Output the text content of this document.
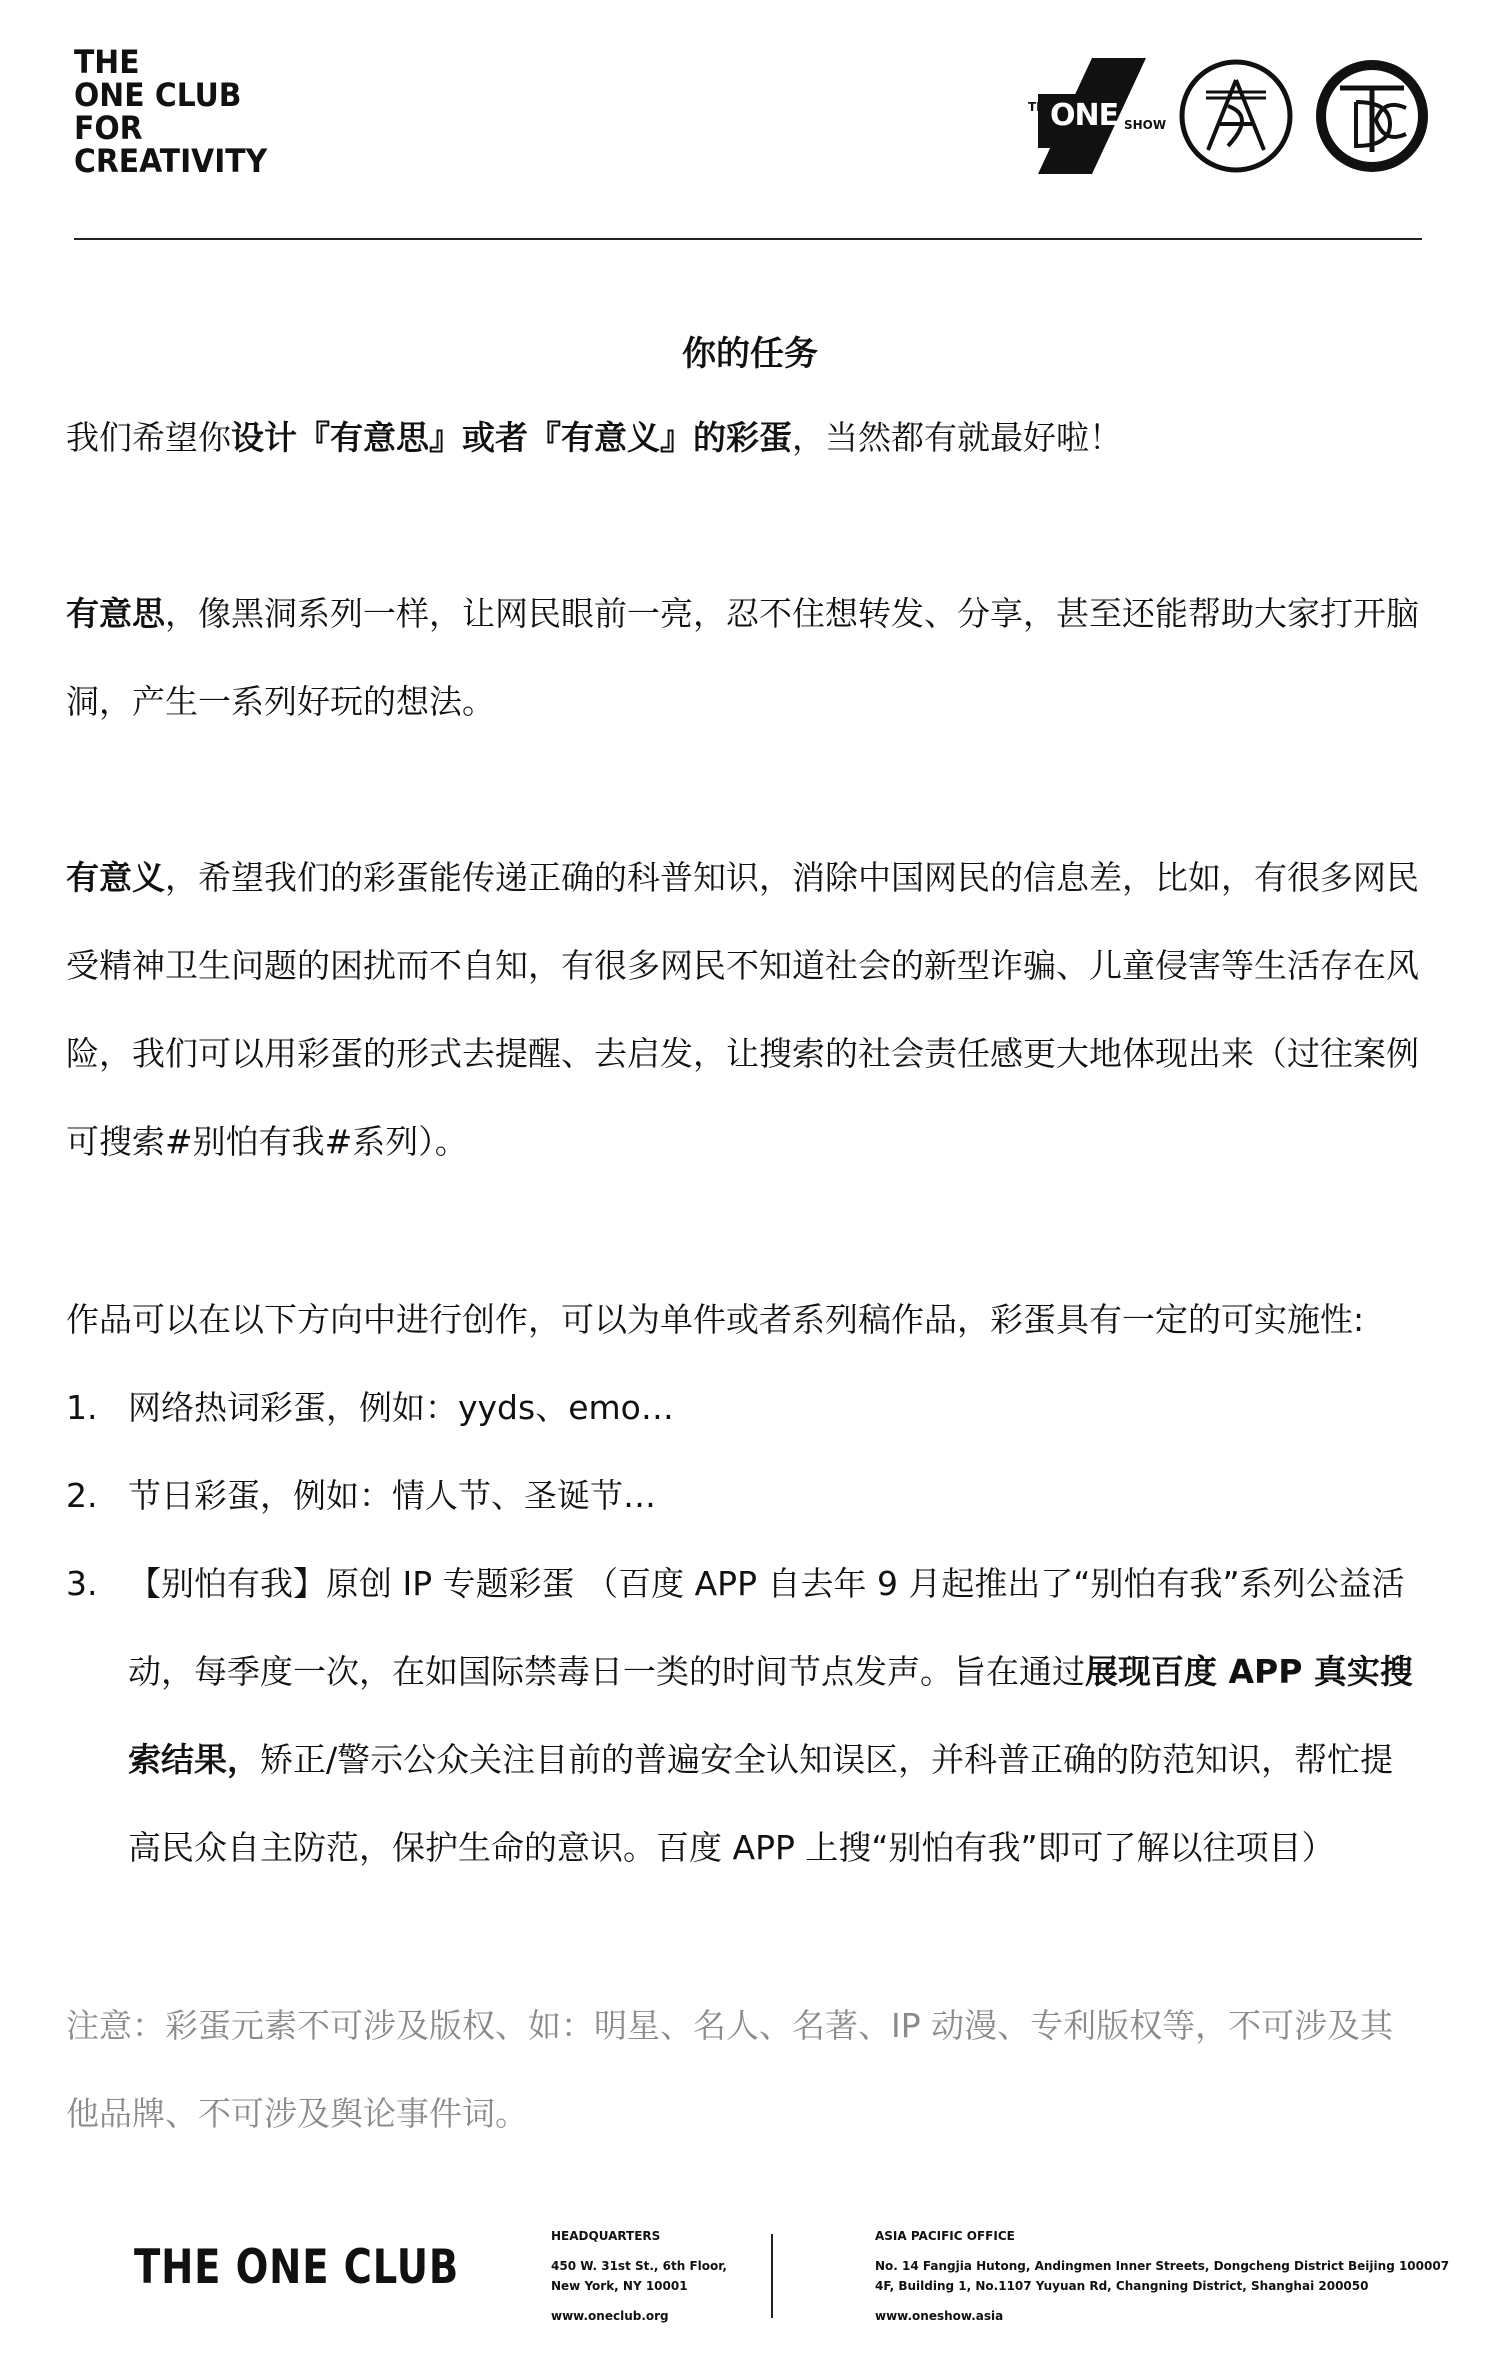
THE
ONE CLUB
FOR
CREATIVITY
THE
ONE SHOW
你的任务
我们希望你设计『有意思』或者『有意义』的彩蛋，当然都有就最好啦！
有意思，像黑洞系列一样，让网民眼前一亮，忍不住想转发、分享，甚至还能帮助大家打开脑洞，产生一系列好玩的想法。
有意义，希望我们的彩蛋能传递正确的科普知识，消除中国网民的信息差，比如，有很多网民受精神卫生问题的困扰而不自知，有很多网民不知道社会的新型诈骗、儿童侵害等生活存在风险，我们可以用彩蛋的形式去提醒、去启发，让搜索的社会责任感更大地体现出来（过往案例可搜索#别怕有我#系列）。
作品可以在以下方向中进行创作，可以为单件或者系列稿作品，彩蛋具有一定的可实施性:
1. 网络热词彩蛋，例如：yyds、emo…
2. 节日彩蛋，例如：情人节、圣诞节…
3. 【别怕有我】原创 IP 专题彩蛋 （百度 APP 自去年 9 月起推出了“别怕有我”系列公益活动，每季度一次，在如国际禁毒日一类的时间节点发声。旨在通过展现百度 APP 真实搜索结果，矫正/警示公众关注目前的普遍安全认知误区，并科普正确的防范知识，帮忙提高民众自主防范，保护生命的意识。百度 APP 上搜“别怕有我”即可了解以往项目）
注意：彩蛋元素不可涉及版权、如：明星、名人、名著、IP 动漫、专利版权等，不可涉及其他品牌、不可涉及舆论事件词。
THE ONE CLUB
HEADQUARTERS
450 W. 31st St., 6th Floor,
New York, NY 10001
www.oneclub.org
ASIA PACIFIC OFFICE
No. 14 Fangjia Hutong, Andingmen Inner Streets, Dongcheng District Beijing 100007
4F, Building 1, No.1107 Yuyuan Rd, Changning District, Shanghai 200050
www.oneshow.asia
